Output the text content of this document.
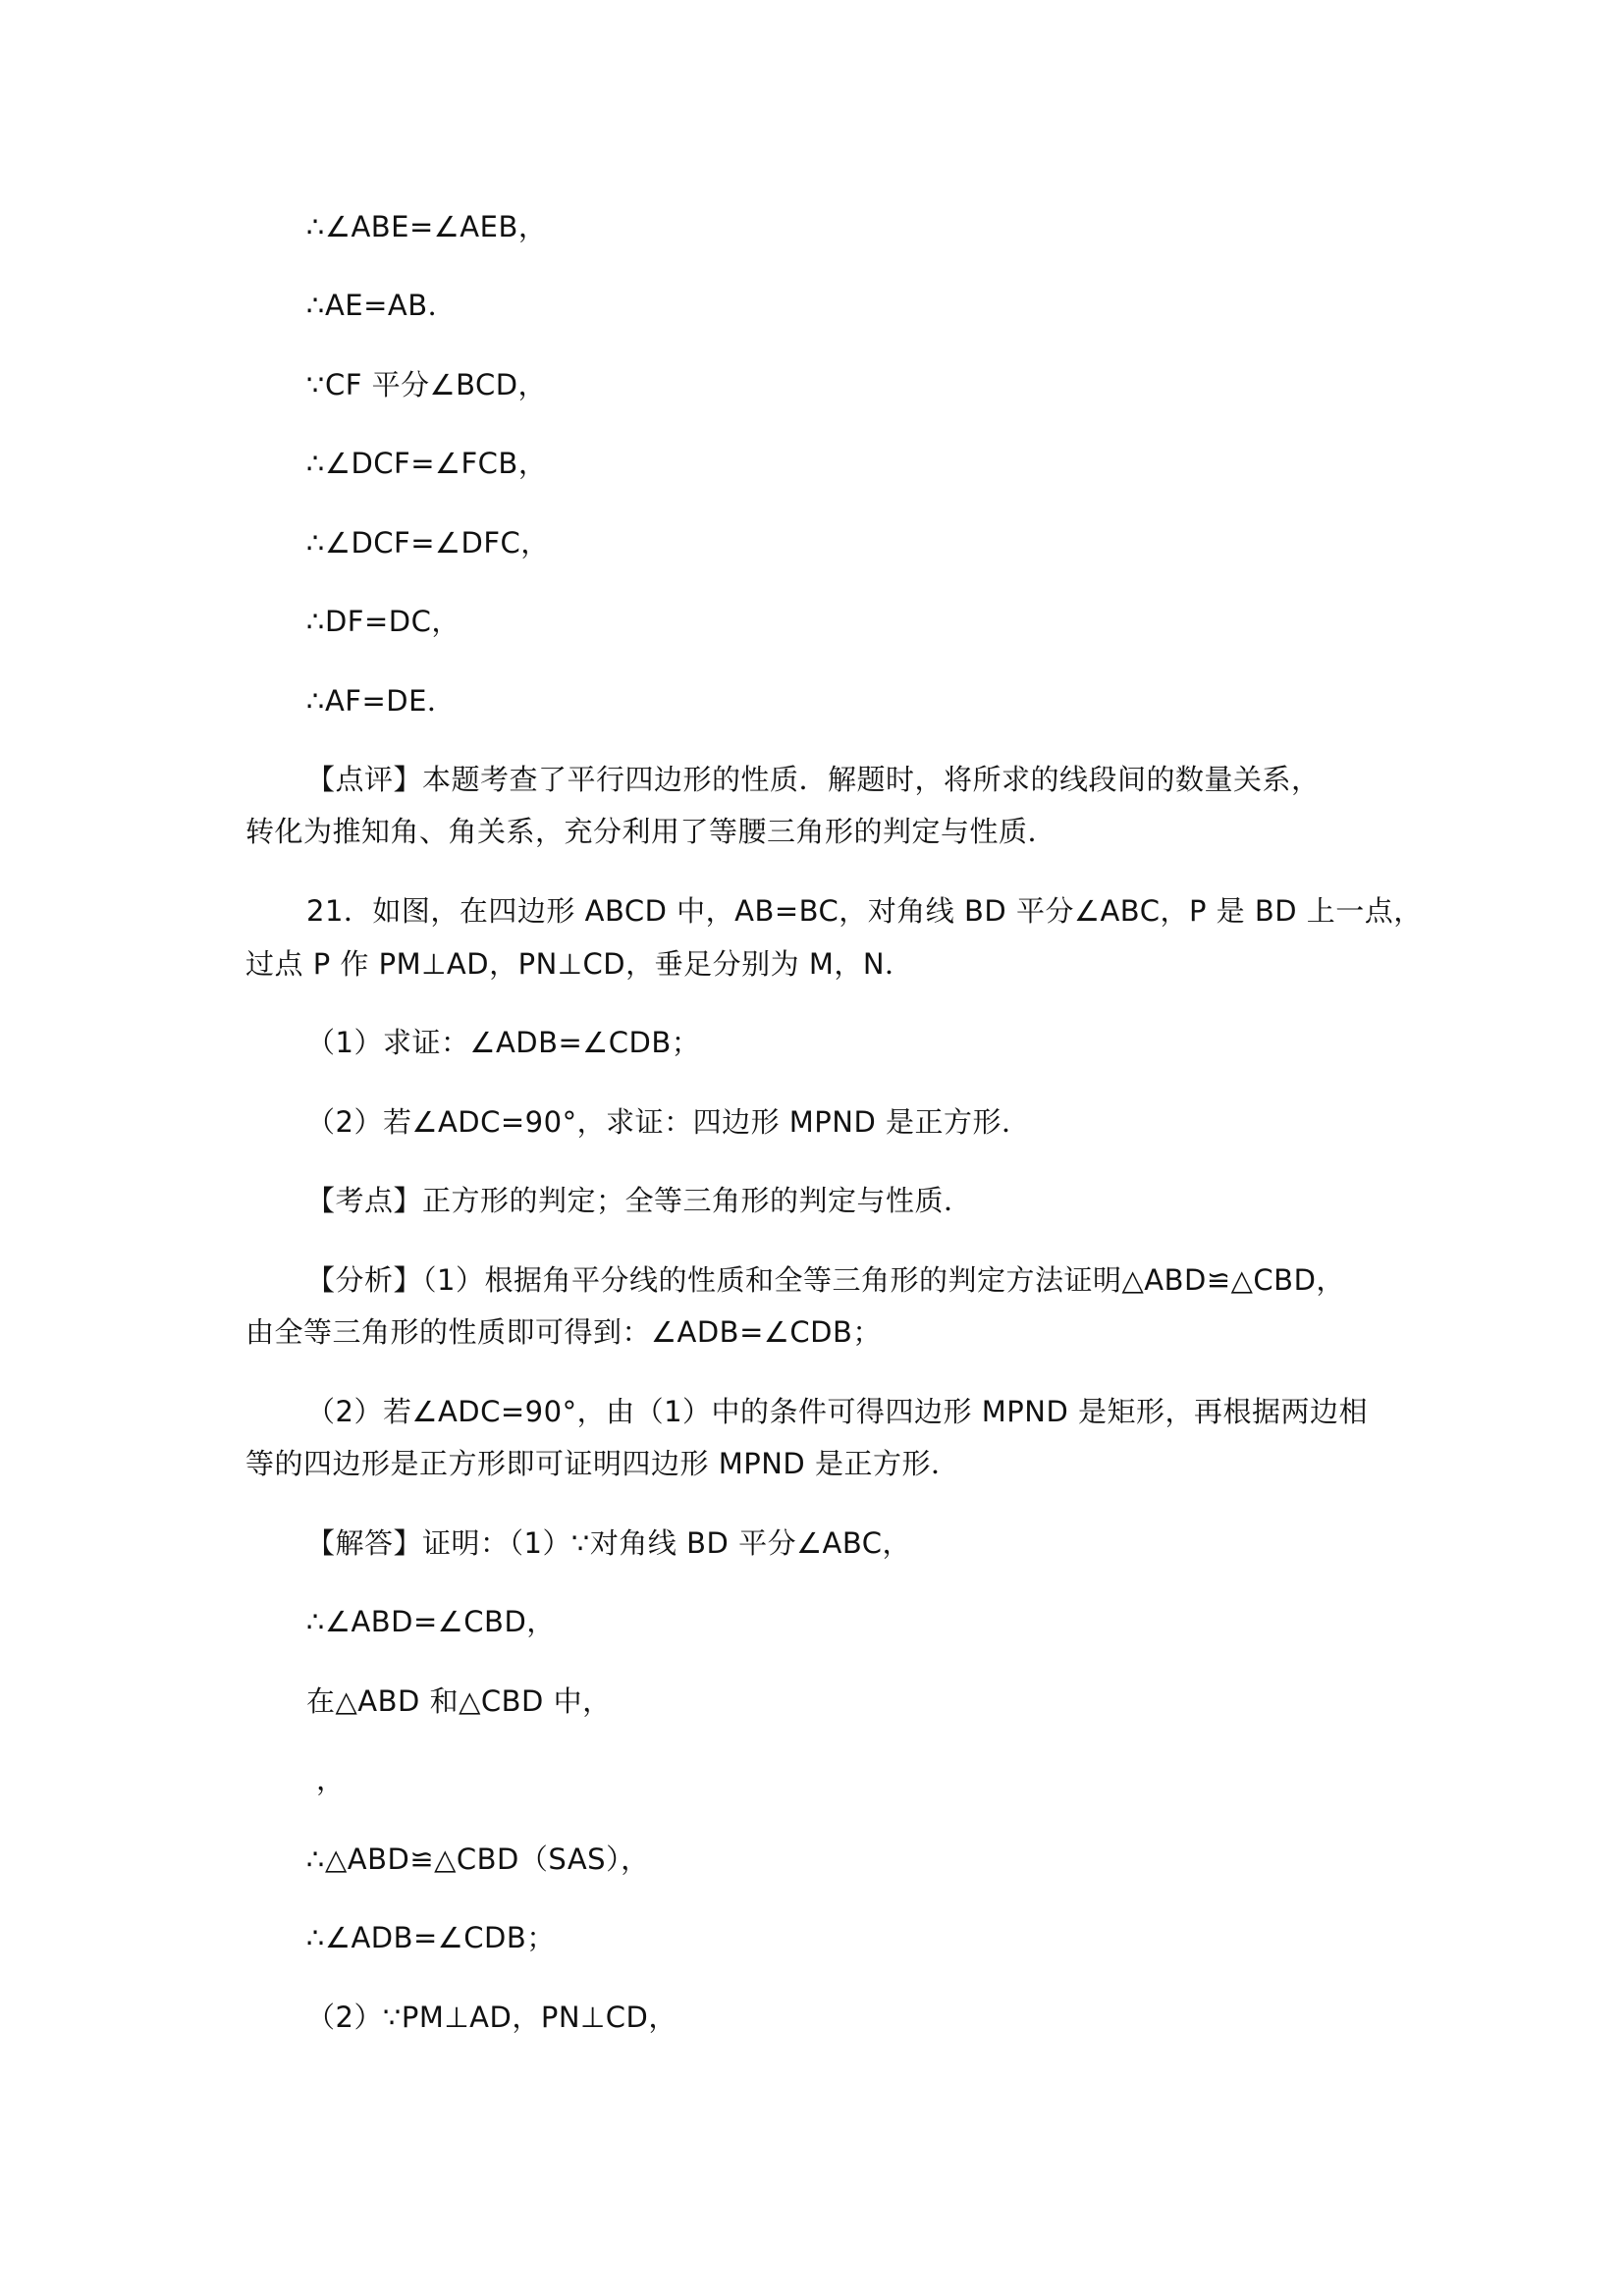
∴∠ABE=∠AEB，
∴AE=AB．
∵CF 平分∠BCD，
∴∠DCF=∠FCB，
∴∠DCF=∠DFC，
∴DF=DC，
∴AF=DE．
【点评】本题考查了平行四边形的性质．解题时，将所求的线段间的数量关系，
转化为推知角、角关系，充分利用了等腰三角形的判定与性质．
21．如图，在四边形 ABCD 中，AB=BC，对角线 BD 平分∠ABC，P 是 BD 上一点，
过点 P 作 PM⊥AD，PN⊥CD，垂足分别为 M，N．
（1）求证：∠ADB=∠CDB；
（2）若∠ADC=90°，求证：四边形 MPND 是正方形．
【考点】正方形的判定；全等三角形的判定与性质．
【分析】（1）根据角平分线的性质和全等三角形的判定方法证明△ABD≌△CBD，
由全等三角形的性质即可得到：∠ADB=∠CDB；
（2）若∠ADC=90°，由（1）中的条件可得四边形 MPND 是矩形，再根据两边相
等的四边形是正方形即可证明四边形 MPND 是正方形．
【解答】证明：（1）∵对角线 BD 平分∠ABC，
∴∠ABD=∠CBD，
在△ABD 和△CBD 中，
，
∴△ABD≌△CBD（SAS），
∴∠ADB=∠CDB；
（2）∵PM⊥AD，PN⊥CD，
